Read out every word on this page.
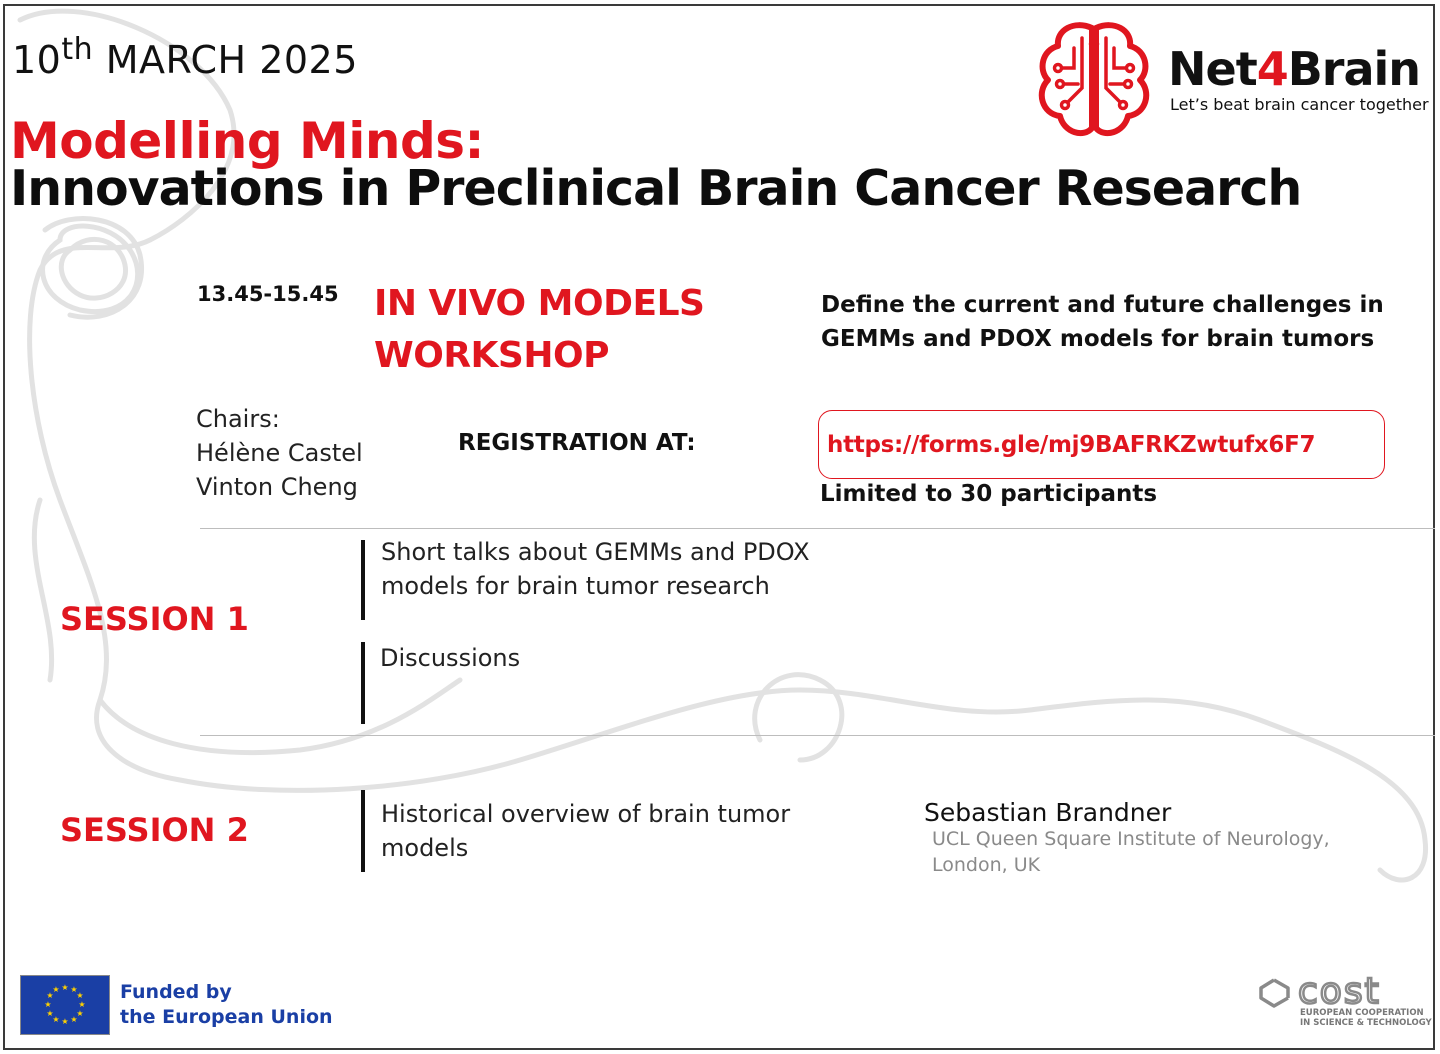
10th MARCH 2025
Modelling Minds:
Innovations in Preclinical Brain Cancer Research
Net4Brain
Let’s beat brain cancer together
13.45-15.45 IN VIVO MODELS
WORKSHOP
Define the current and future challenges in
GEMMs and PDOX models for brain tumors
Chairs:
Hélène Castel
Vinton Cheng
REGISTRATION AT:	https://forms.gle/mj9BAFRKZwtufx6F7
Limited to 30 participants
SESSION 1
Short talks about GEMMs and PDOX
models for brain tumor research
Discussions
SESSION 2	Historical overview of brain tumor
models
Sebastian Brandner
UCL Queen Square Institute of Neurology,
London, UK
★ ★
★
★
★
★
★
★
★
★
★
★	Funded by
the European Union
cost
EUROPEAN COOPERATION
IN SCIENCE & TECHNOLOGY
